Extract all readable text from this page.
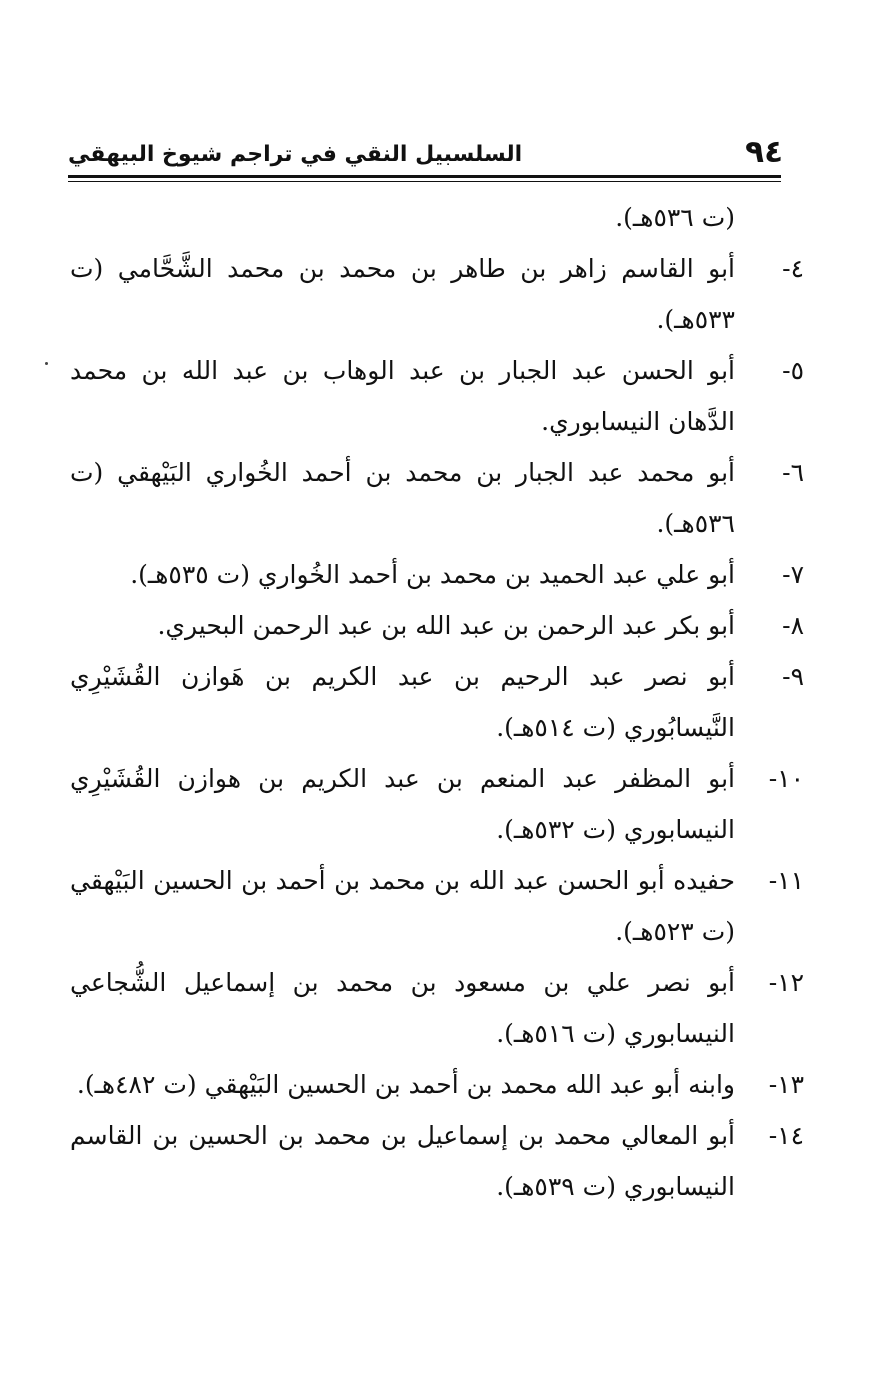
٩٤
السلسبيل النقي في تراجم شيوخ البيهقي
(ت ٥٣٦هـ).
٤-
أبو القاسم زاهر بن طاهر بن محمد بن محمد الشَّحَّامي (ت ٥٣٣هـ).
٥-
أبو الحسن عبد الجبار بن عبد الوهاب بن عبد الله بن محمد الدَّهان النيسابوري.
٦-
أبو محمد عبد الجبار بن محمد بن أحمد الخُواري البَيْهقي (ت ٥٣٦هـ).
٧-
أبو علي عبد الحميد بن محمد بن أحمد الخُواري (ت ٥٣٥هـ).
٨-
أبو بكر عبد الرحمن بن عبد الله بن عبد الرحمن البحيري.
٩-
أبو نصر عبد الرحيم بن عبد الكريم بن هَوازن القُشَيْرِي النَّيسابُوري (ت ٥١٤هـ).
١٠-
أبو المظفر عبد المنعم بن عبد الكريم بن هوازن القُشَيْرِي النيسابوري (ت ٥٣٢هـ).
١١-
حفيده أبو الحسن عبد الله بن محمد بن أحمد بن الحسين البَيْهقي (ت ٥٢٣هـ).
١٢-
أبو نصر علي بن مسعود بن محمد بن إسماعيل الشُّجاعي النيسابوري (ت ٥١٦هـ).
١٣-
وابنه أبو عبد الله محمد بن أحمد بن الحسين البَيْهقي (ت ٤٨٢هـ).
١٤-
أبو المعالي محمد بن إسماعيل بن محمد بن الحسين بن القاسم النيسابوري (ت ٥٣٩هـ).
